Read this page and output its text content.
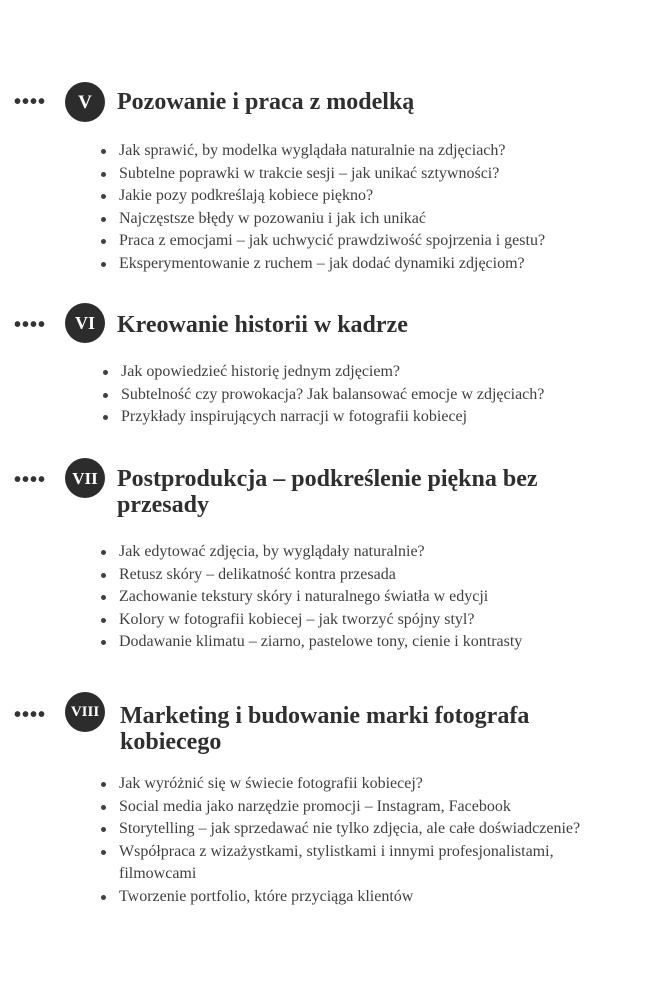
•••• V Pozowanie i praca z modelką
Jak sprawić, by modelka wyglądała naturalnie na zdjęciach?
Subtelne poprawki w trakcie sesji – jak unikać sztywności?
Jakie pozy podkreślają kobiece piękno?
Najczęstsze błędy w pozowaniu i jak ich unikać
Praca z emocjami – jak uchwycić prawdziwość spojrzenia i gestu?
Eksperymentowanie z ruchem – jak dodać dynamiki zdjęciom?
•••• VI Kreowanie historii w kadrze
Jak opowiedzieć historię jednym zdjęciem?
Subtelność czy prowokacja? Jak balansować emocje w zdjęciach?
Przykłady inspirujących narracji w fotografii kobiecej
•••• VII Postprodukcja – podkreślenie piękna bez przesady
Jak edytować zdjęcia, by wyglądały naturalnie?
Retusz skóry – delikatność kontra przesada
Zachowanie tekstury skóry i naturalnego światła w edycji
Kolory w fotografii kobiecej – jak tworzyć spójny styl?
Dodawanie klimatu – ziarno, pastelowe tony, cienie i kontrasty
•••• VIII Marketing i budowanie marki fotografa kobiecego
Jak wyróżnić się w świecie fotografii kobiecej?
Social media jako narzędzie promocji – Instagram, Facebook
Storytelling – jak sprzedawać nie tylko zdjęcia, ale całe doświadczenie?
Współpraca z wizażystkami, stylistkami i innymi profesjonalistami, filmowcami
Tworzenie portfolio, które przyciąga klientów
